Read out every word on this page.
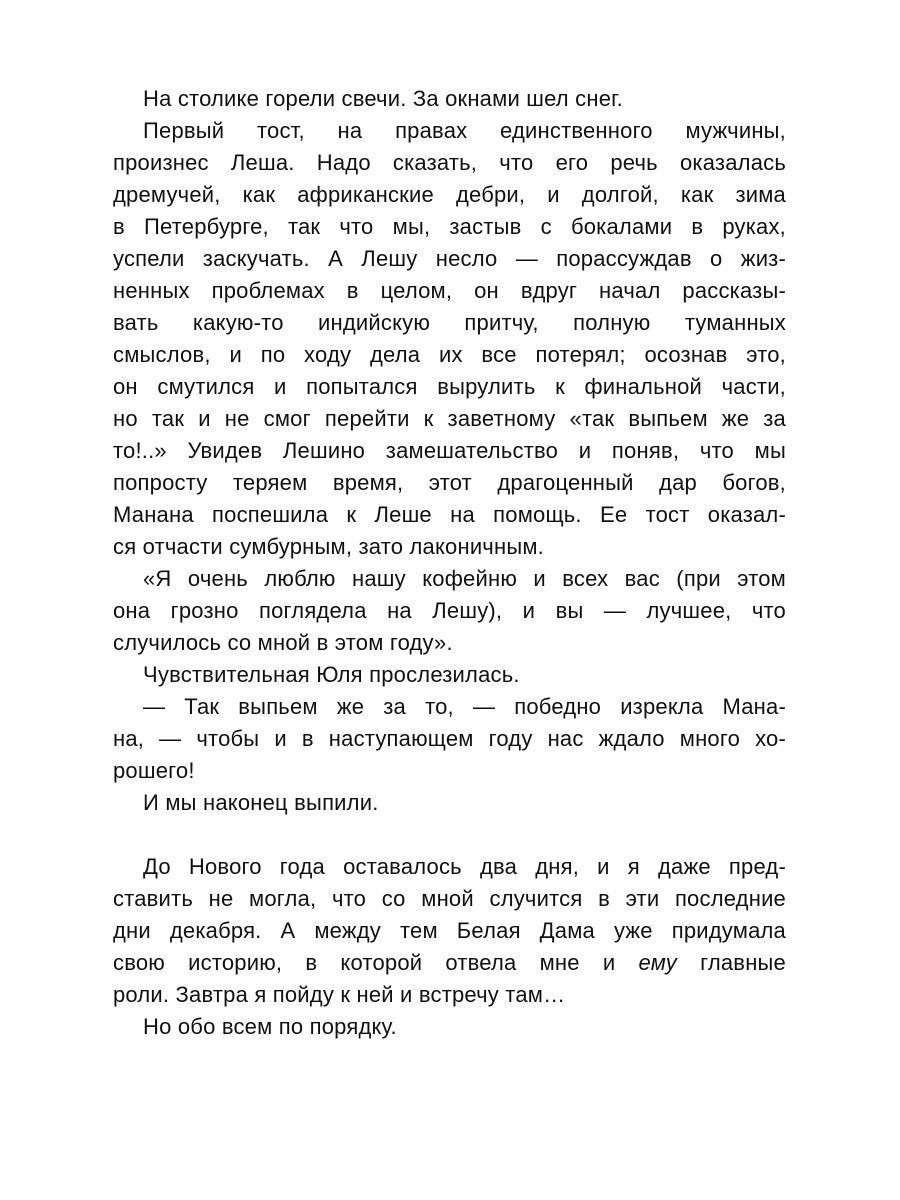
На столике горели свечи. За окнами шел снег.

Первый тост, на правах единственного мужчины,
произнес Леша. Надо сказать, что его речь оказалась
дремучей, как африканские дебри, и долгой, как зима
в Петербурге, так что мы, застыв с бокалами в руках,
успели заскучать. А Лешу несло — порассуждав о жиз-
ненных проблемах в целом, он вдруг начал рассказы-
вать какую-то индийскую притчу, полную туманных
смыслов, и по ходу дела их все потерял; осознав это,
он смутился и попытался вырулить к финальной части,
но так и не смог перейти к заветному «так выпьем же за
то!..» Увидев Лешино замешательство и поняв, что мы
попросту теряем время, этот драгоценный дар богов,
Манана поспешила к Леше на помощь. Ее тост оказал-
ся отчасти сумбурным, зато лаконичным.

«Я очень люблю нашу кофейню и всех вас (при этом
она грозно поглядела на Лешу), и вы — лучшее, что
случилось со мной в этом году».

Чувствительная Юля прослезилась.

— Так выпьем же за то, — победно изрекла Мана-
на, — чтобы и в наступающем году нас ждало много хо-
рошего!

И мы наконец выпили.

До Нового года оставалось два дня, и я даже пред-
ставить не могла, что со мной случится в эти последние
дни декабря. А между тем Белая Дама уже придумала
свою историю, в которой отвела мне и ему главные
роли. Завтра я пойду к ней и встречу там…

Но обо всем по порядку.
